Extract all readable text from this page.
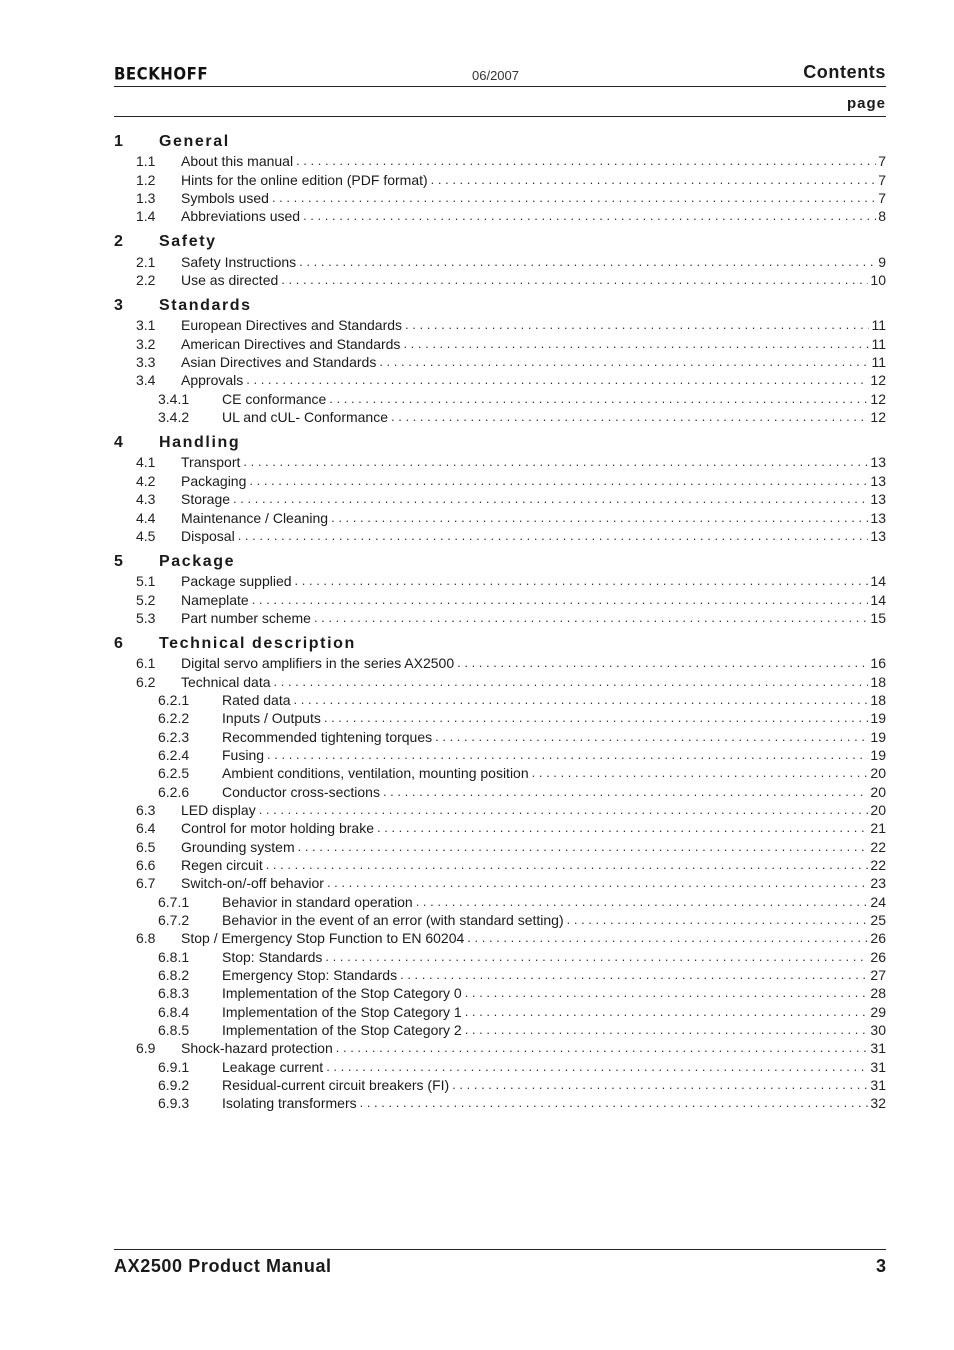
BECKHOFF	06/2007	Contents
page
1	General
1.1	About this manual . . .	7
1.2	Hints for the online edition (PDF format) . . .	7
1.3	Symbols used . . .	7
1.4	Abbreviations used . . .	8
2	Safety
2.1	Safety Instructions . . .	9
2.2	Use as directed . . .	10
3	Standards
3.1	European Directives and Standards . . .	11
3.2	American Directives and Standards . . .	11
3.3	Asian Directives and Standards . . .	11
3.4	Approvals . . .	12
3.4.1	CE conformance . . .	12
3.4.2	UL and cUL- Conformance . . .	12
4	Handling
4.1	Transport . . .	13
4.2	Packaging . . .	13
4.3	Storage . . .	13
4.4	Maintenance / Cleaning . . .	13
4.5	Disposal . . .	13
5	Package
5.1	Package supplied . . .	14
5.2	Nameplate . . .	14
5.3	Part number scheme . . .	15
6	Technical description
6.1	Digital servo amplifiers in the series AX2500 . . .	16
6.2	Technical data . . .	18
6.2.1	Rated data . . .	18
6.2.2	Inputs / Outputs . . .	19
6.2.3	Recommended tightening torques . . .	19
6.2.4	Fusing . . .	19
6.2.5	Ambient conditions, ventilation, mounting position . . .	20
6.2.6	Conductor cross-sections . . .	20
6.3	LED display . . .	20
6.4	Control for motor holding brake . . .	21
6.5	Grounding system . . .	22
6.6	Regen circuit . . .	22
6.7	Switch-on/-off behavior . . .	23
6.7.1	Behavior in standard operation . . .	24
6.7.2	Behavior in the event of an error (with standard setting) . . .	25
6.8	Stop / Emergency Stop Function to EN 60204 . . .	26
6.8.1	Stop: Standards . . .	26
6.8.2	Emergency Stop: Standards . . .	27
6.8.3	Implementation of the Stop Category 0 . . .	28
6.8.4	Implementation of the Stop Category 1 . . .	29
6.8.5	Implementation of the Stop Category 2 . . .	30
6.9	Shock-hazard protection . . .	31
6.9.1	Leakage current . . .	31
6.9.2	Residual-current circuit breakers (FI) . . .	31
6.9.3	Isolating transformers . . .	32
AX2500 Product Manual	3
